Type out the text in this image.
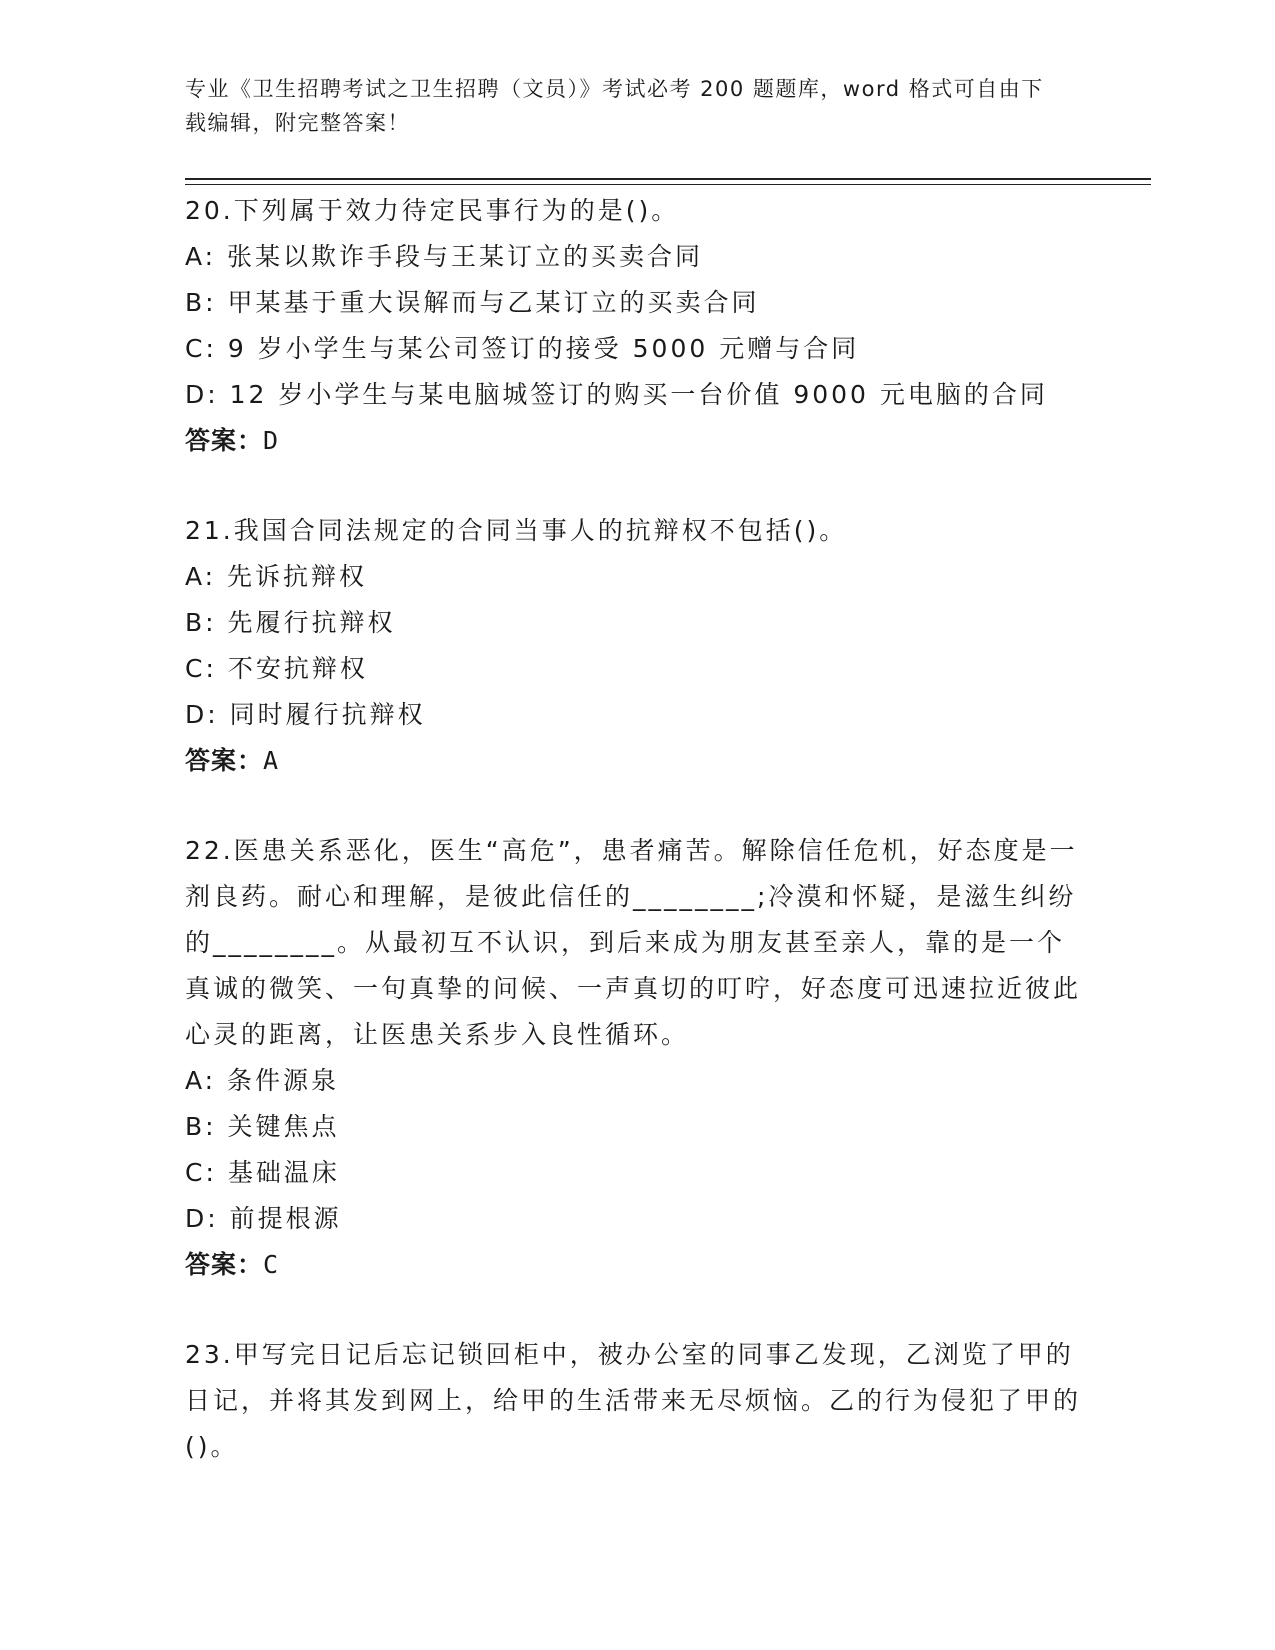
专业《卫生招聘考试之卫生招聘（文员）》考试必考 200 题题库，word 格式可自由下载编辑，附完整答案！

20.下列属于效力待定民事行为的是()。

A: 张某以欺诈手段与王某订立的买卖合同

B: 甲某基于重大误解而与乙某订立的买卖合同

C: 9 岁小学生与某公司签订的接受 5000 元赠与合同

D: 12 岁小学生与某电脑城签订的购买一台价值 9000 元电脑的合同

答案：D

21.我国合同法规定的合同当事人的抗辩权不包括()。

A: 先诉抗辩权

B: 先履行抗辩权

C: 不安抗辩权

D: 同时履行抗辩权

答案：A

22.医患关系恶化，医生“高危”，患者痛苦。解除信任危机，好态度是一剂良药。耐心和理解，是彼此信任的________;冷漠和怀疑，是滋生纠纷的________。从最初互不认识，到后来成为朋友甚至亲人，靠的是一个真诚的微笑、一句真挚的问候、一声真切的叮咛，好态度可迅速拉近彼此心灵的距离，让医患关系步入良性循环。

A: 条件源泉

B: 关键焦点

C: 基础温床

D: 前提根源

答案：C

23.甲写完日记后忘记锁回柜中，被办公室的同事乙发现，乙浏览了甲的日记，并将其发到网上，给甲的生活带来无尽烦恼。乙的行为侵犯了甲的()。
